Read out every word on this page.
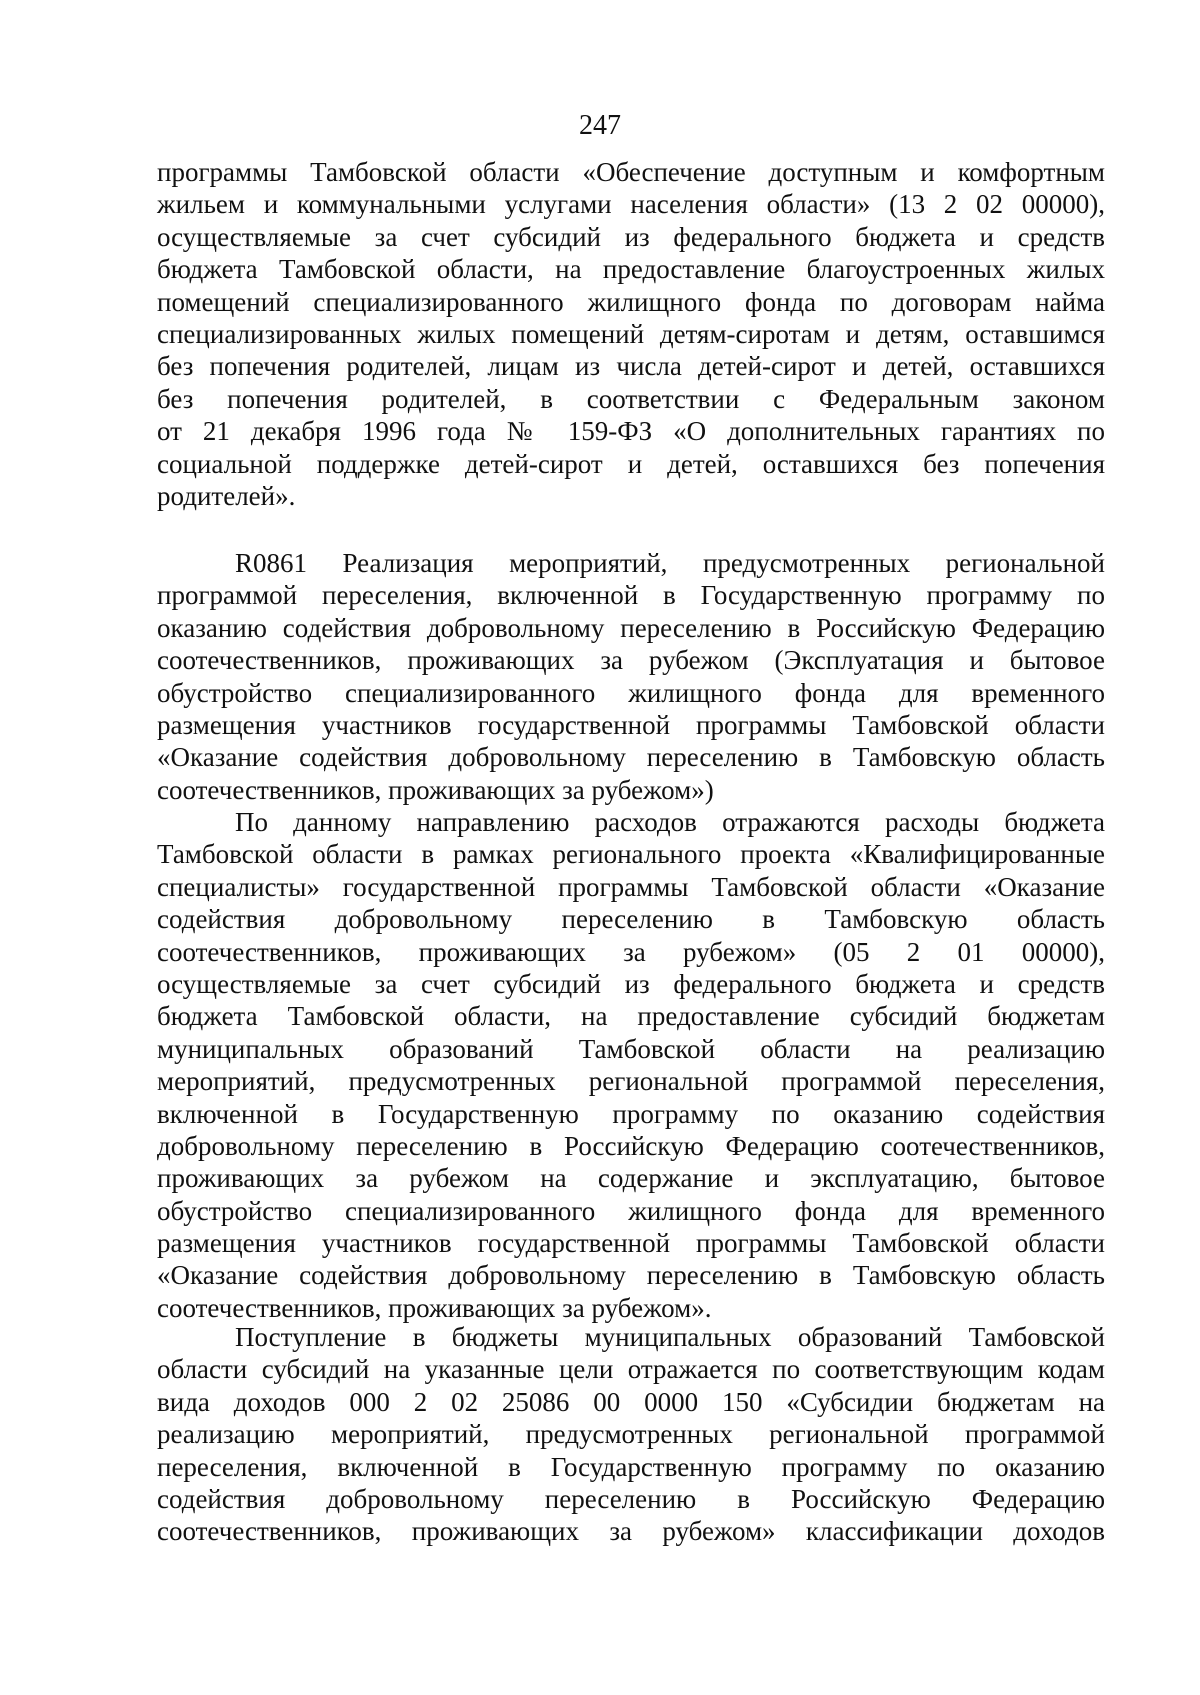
247
программы Тамбовской области «Обеспечение доступным и комфортным
жильем и коммунальными услугами населения области» (13 2 02 00000),
осуществляемые за счет субсидий из федерального бюджета и средств
бюджета Тамбовской области, на предоставление благоустроенных жилых
помещений специализированного жилищного фонда по договорам найма
специализированных жилых помещений детям-сиротам и детям, оставшимся
без попечения родителей, лицам из числа детей-сирот и детей, оставшихся
без попечения родителей, в соответствии с Федеральным законом
от 21 декабря 1996 года № 159-ФЗ «О дополнительных гарантиях по
социальной поддержке детей-сирот и детей, оставшихся без попечения
родителей».
R0861 Реализация мероприятий, предусмотренных региональной
программой переселения, включенной в Государственную программу по
оказанию содействия добровольному переселению в Российскую Федерацию
соотечественников, проживающих за рубежом (Эксплуатация и бытовое
обустройство специализированного жилищного фонда для временного
размещения участников государственной программы Тамбовской области
«Оказание содействия добровольному переселению в Тамбовскую область
соотечественников, проживающих за рубежом»)
По данному направлению расходов отражаются расходы бюджета
Тамбовской области в рамках регионального проекта «Квалифицированные
специалисты» государственной программы Тамбовской области «Оказание
содействия добровольному переселению в Тамбовскую область
соотечественников, проживающих за рубежом» (05 2 01 00000),
осуществляемые за счет субсидий из федерального бюджета и средств
бюджета Тамбовской области, на предоставление субсидий бюджетам
муниципальных образований Тамбовской области на реализацию
мероприятий, предусмотренных региональной программой переселения,
включенной в Государственную программу по оказанию содействия
добровольному переселению в Российскую Федерацию соотечественников,
проживающих за рубежом на содержание и эксплуатацию, бытовое
обустройство специализированного жилищного фонда для временного
размещения участников государственной программы Тамбовской области
«Оказание содействия добровольному переселению в Тамбовскую область
соотечественников, проживающих за рубежом».
Поступление в бюджеты муниципальных образований Тамбовской
области субсидий на указанные цели отражается по соответствующим кодам
вида доходов 000 2 02 25086 00 0000 150 «Субсидии бюджетам на
реализацию мероприятий, предусмотренных региональной программой
переселения, включенной в Государственную программу по оказанию
содействия добровольному переселению в Российскую Федерацию
соотечественников, проживающих за рубежом» классификации доходов
